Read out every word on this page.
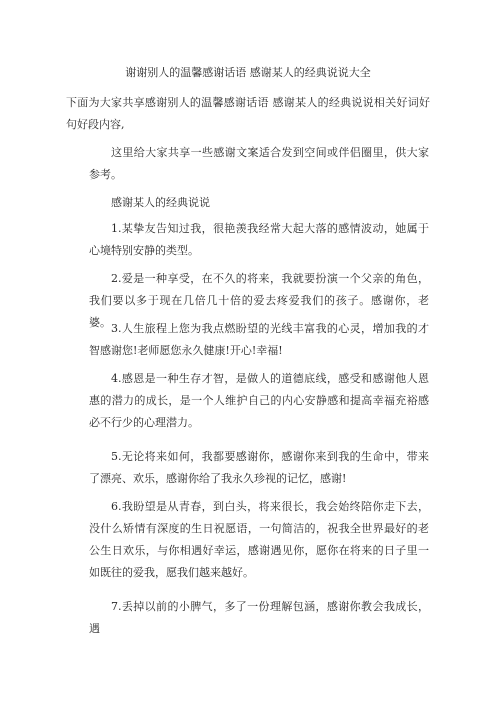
谢谢别人的温馨感谢话语 感谢某人的经典说说大全

下面为大家共享感谢别人的温馨感谢话语 感谢某人的经典说说相关好词好句好段内容,

这里给大家共享一些感谢文案适合发到空间或伴侣圈里，供大家参考。

感谢某人的经典说说

1.某挚友告知过我，很艳羡我经常大起大落的感情波动，她属于心境特别安静的类型。

2.爱是一种享受，在不久的将来，我就要扮演一个父亲的角色，我们要以多于现在几倍几十倍的爱去疼爱我们的孩子。感谢你，老婆。 3.人生旅程上您为我点燃盼望的光线丰富我的心灵，增加我的才智感谢您!老师愿您永久健康!开心!幸福!

4.感恩是一种生存才智，是做人的道德底线，感受和感谢他人恩惠的潜力的成长，是一个人维护自己的内心安静感和提高幸福充裕感必不行少的心理潜力。

5.无论将来如何，我都要感谢你，感谢你来到我的生命中，带来了漂亮、欢乐，感谢你给了我永久珍视的记忆，感谢!

6.我盼望是从青春，到白头，将来很长，我会始终陪你走下去，没什么矫情有深度的生日祝愿语，一句简洁的，祝我全世界最好的老公生日欢乐，与你相遇好幸运，感谢遇见你，愿你在将来的日子里一如既往的爱我，愿我们越来越好。

7.丢掉以前的小脾气，多了一份理解包涵，感谢你教会我成长，遇
